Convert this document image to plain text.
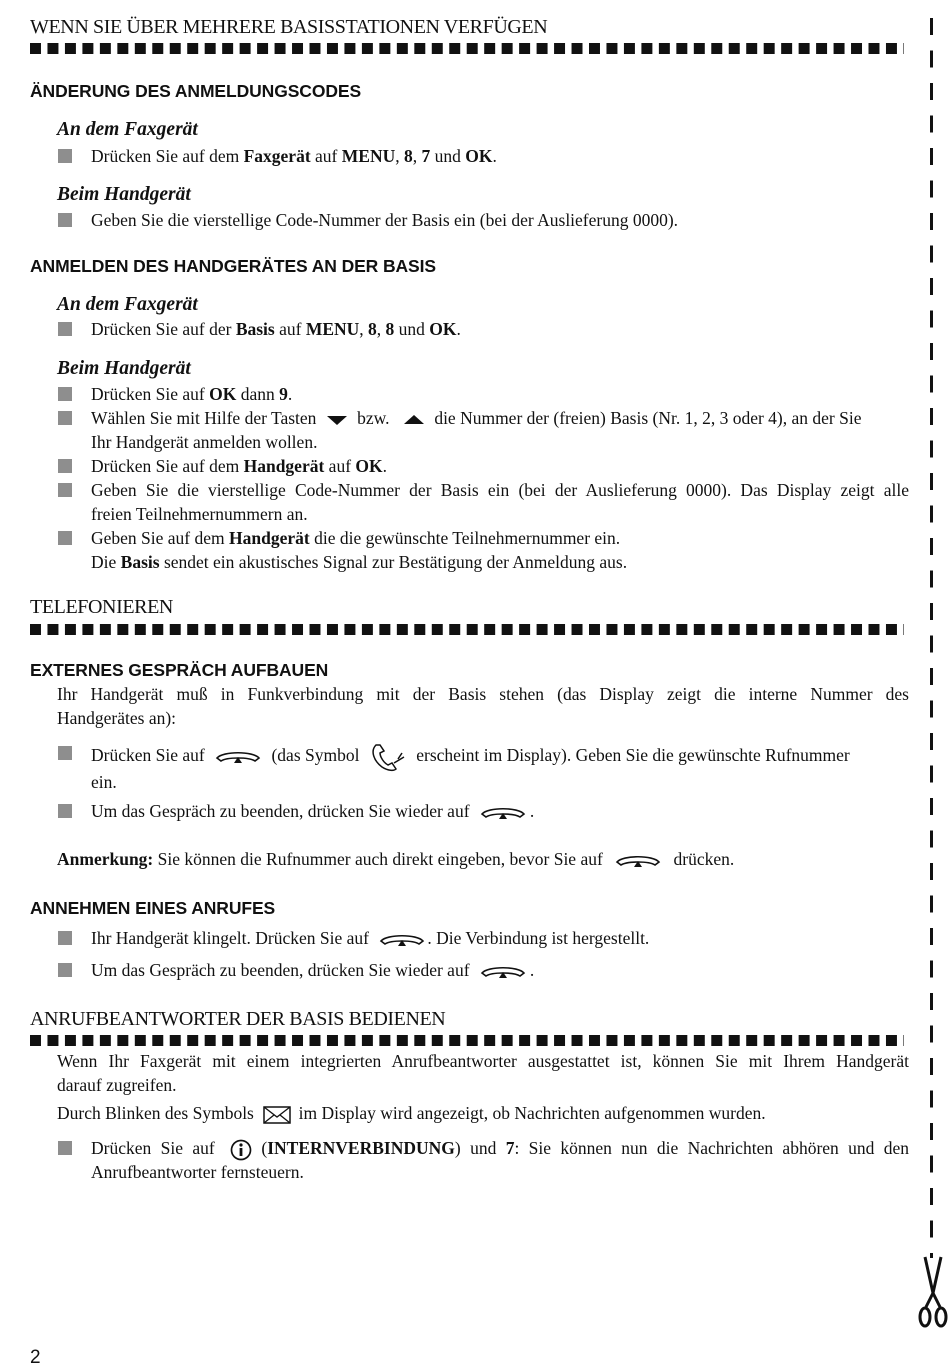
WENN SIE ÜBER MEHRERE BASISSTATIONEN VERFÜGEN
ÄNDERUNG DES ANMELDUNGSCODES
An dem Faxgerät
Drücken Sie auf dem Faxgerät auf MENU, 8, 7 und OK.
Beim Handgerät
Geben Sie die vierstellige Code-Nummer der Basis ein (bei der Auslieferung 0000).
ANMELDEN DES HANDGERÄTES AN DER BASIS
An dem Faxgerät
Drücken Sie auf der Basis auf MENU, 8, 8 und OK.
Beim Handgerät
Drücken Sie auf OK dann 9.
Wählen Sie mit Hilfe der Tasten bzw.	die Nummer der (freien) Basis (Nr. 1, 2, 3 oder 4), an der Sie
Ihr Handgerät anmelden wollen.
Drücken Sie auf dem Handgerät auf OK.
Geben Sie die vierstellige Code-Nummer der Basis ein (bei der Auslieferung 0000). Das Display zeigt alle
freien Teilnehmernummern an.
Geben Sie auf dem Handgerät die die gewünschte Teilnehmernummer ein.
Die Basis sendet ein akustisches Signal zur Bestätigung der Anmeldung aus.
TELEFONIEREN
EXTERNES GESPRÄCH AUFBAUEN
Ihr Handgerät muß in Funkverbindung mit der Basis stehen (das Display zeigt die interne Nummer des
Handgerätes an):
Drücken Sie auf	(das Symbol	erscheint im Display). Geben Sie die gewünschte Rufnummer
ein.
Um das Gespräch zu beenden, drücken Sie wieder auf	.
Anmerkung: Sie können die Rufnummer auch direkt eingeben, bevor Sie auf	drücken.
ANNEHMEN EINES ANRUFES
Ihr Handgerät klingelt. Drücken Sie auf	. Die Verbindung ist hergestellt.
Um das Gespräch zu beenden, drücken Sie wieder auf	.
ANRUFBEANTWORTER DER BASIS BEDIENEN
Wenn Ihr Faxgerät mit einem integrierten Anrufbeantworter ausgestattet ist, können Sie mit Ihrem Handgerät
darauf zugreifen.
Durch Blinken des Symbols	im Display wird angezeigt, ob Nachrichten aufgenommen wurden.
Drücken Sie auf  (INTERNVERBINDUNG) und 7: Sie können nun die Nachrichten abhören und den
Anrufbeantworter fernsteuern.
2
